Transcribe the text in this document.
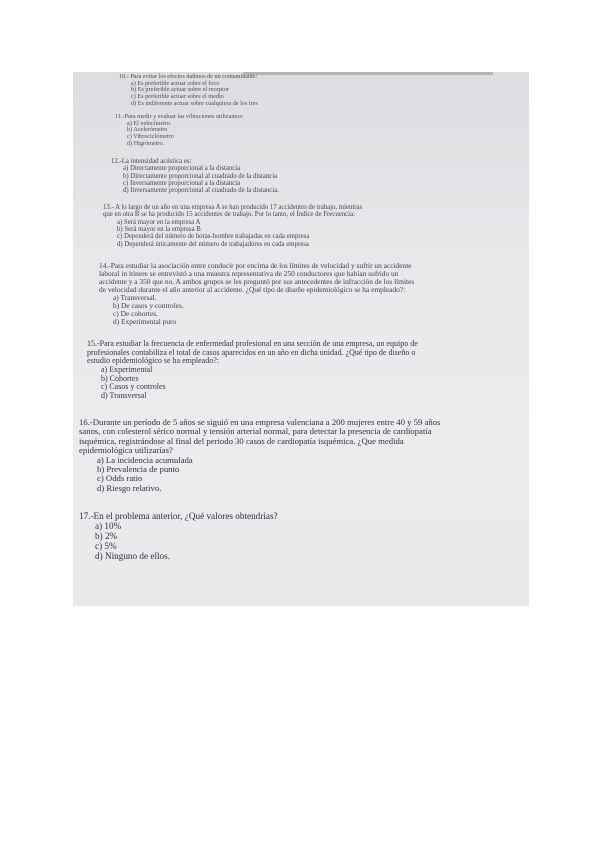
10.- Para evitar los efectos dañinos de un contaminante:
a) Es preferible actuar sobre el foco
b) Es preferible actuar sobre el receptor
c) Es preferible actuar sobre el medio
d) Es indiferente actuar sobre cualquiera de los tres
11.-Para medir y evaluar las vibraciones utilizamos:
a) El velocímetro.
b) Acelerómetro
c) Vibrociclómetro
d) Higrómetro.
12.-La intensidad acústica es:
a) Directamente proporcional a la distancia
b) Directamente proporcional al cuadrado de la distancia
c) Inversamente proporcional a la distancia
d) Inversamente proporcional al cuadrado de la distancia.
13.- A lo largo de un año en una empresa A se han producido 17 accidentes de trabajo, mientras
que en otra B se ha producido 15 accidentes de trabajo. Por lo tanto, el Índice de Frecuencia:
a) Será mayor en la empresa A
b) Será mayor en la empresa B
c) Dependerá del número de horas-hombre trabajadas en cada empresa
d) Dependerá únicamente del número de trabajadores en cada empresa
14.-Para estudiar la asociación entre conducir por encima de los límites de velocidad y sufrir un accidente
laboral in itinere se entrevistó a una muestra representativa de 250 conductores que habían sufrido un
accidente y a 350 que no. A ambos grupos se les preguntó por sus antecedentes de infracción de los límites
de velocidad durante el año anterior al accidente. ¿Qué tipo de diseño epidemiológico se ha empleado?:
a) Transversal.
b) De casos y controles.
c) De cohortes.
d) Experimental puro
15.-Para estudiar la frecuencia de enfermedad profesional en una sección de una empresa, un equipo de
profesionales contabiliza el total de casos aparecidos en un año en dicha unidad. ¿Qué tipo de diseño o
estudio epidemiológico se ha empleado?:
a) Experimental
b) Cohortes
c) Casos y controles
d) Transversal
16.-Durante un período de 5 años se siguió en una empresa valenciana a 200 mujeres entre 40 y 59 años
sanos, con colesterol sérico normal y tensión arterial normal, para detectar la presencia de cardiopatía
isquémica, registrándose al final del periodo 30 casos de cardiopatía isquémica. ¿Que medida
epidemiológica utilizarías?
a) La incidencia acumulada
b) Prevalencia de punto
c) Odds ratio
d) Riesgo relativo.
17.-En el problema anterior, ¿Qué valores obtendrías?
a) 10%
b) 2%
c) 5%
d) Ninguno de ellos.
